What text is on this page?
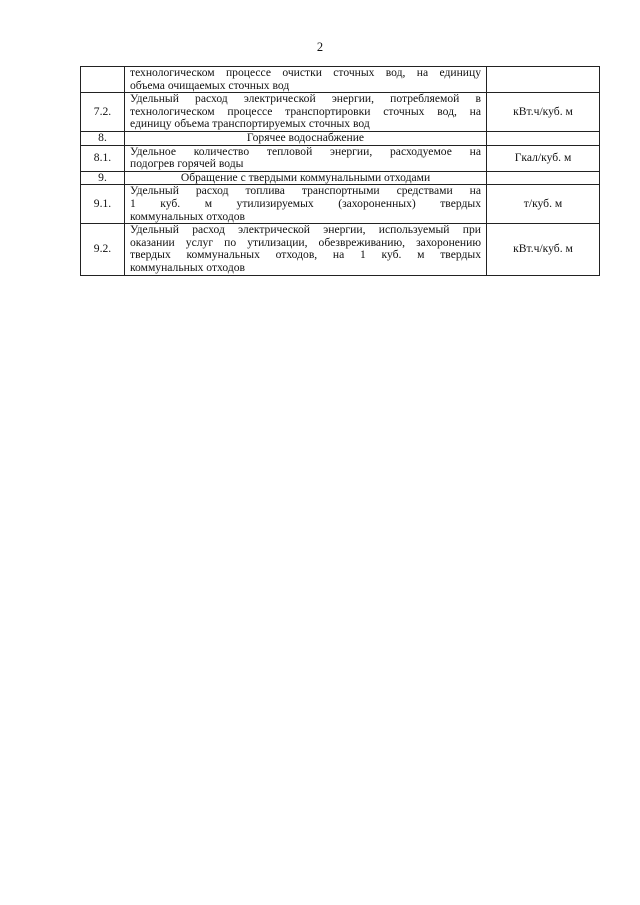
2

	технологическом процессе очистки сточных вод, на единицу
объема очищаемых сточных вод	

7.2.	Удельный расход электрической энергии, потребляемой в
технологическом процессе транспортировки сточных вод, на
единицу объема транспортируемых сточных вод	кВт.ч/куб. м
8.	Горячее водоснабжение	
8.1.	Удельное количество тепловой энергии, расходуемое на
подогрев горячей воды	Гкал/куб. м
9.	Обращение с твердыми коммунальными отходами	
9.1.	Удельный расход топлива транспортными средствами на
1 куб. м утилизируемых (захороненных) твердых
коммунальных отходов	т/куб. м
9.2.	Удельный расход электрической энергии, используемый при
оказании услуг по утилизации, обезвреживанию, захоронению
твердых коммунальных отходов, на 1 куб. м твердых
коммунальных отходов	кВт.ч/куб. м
